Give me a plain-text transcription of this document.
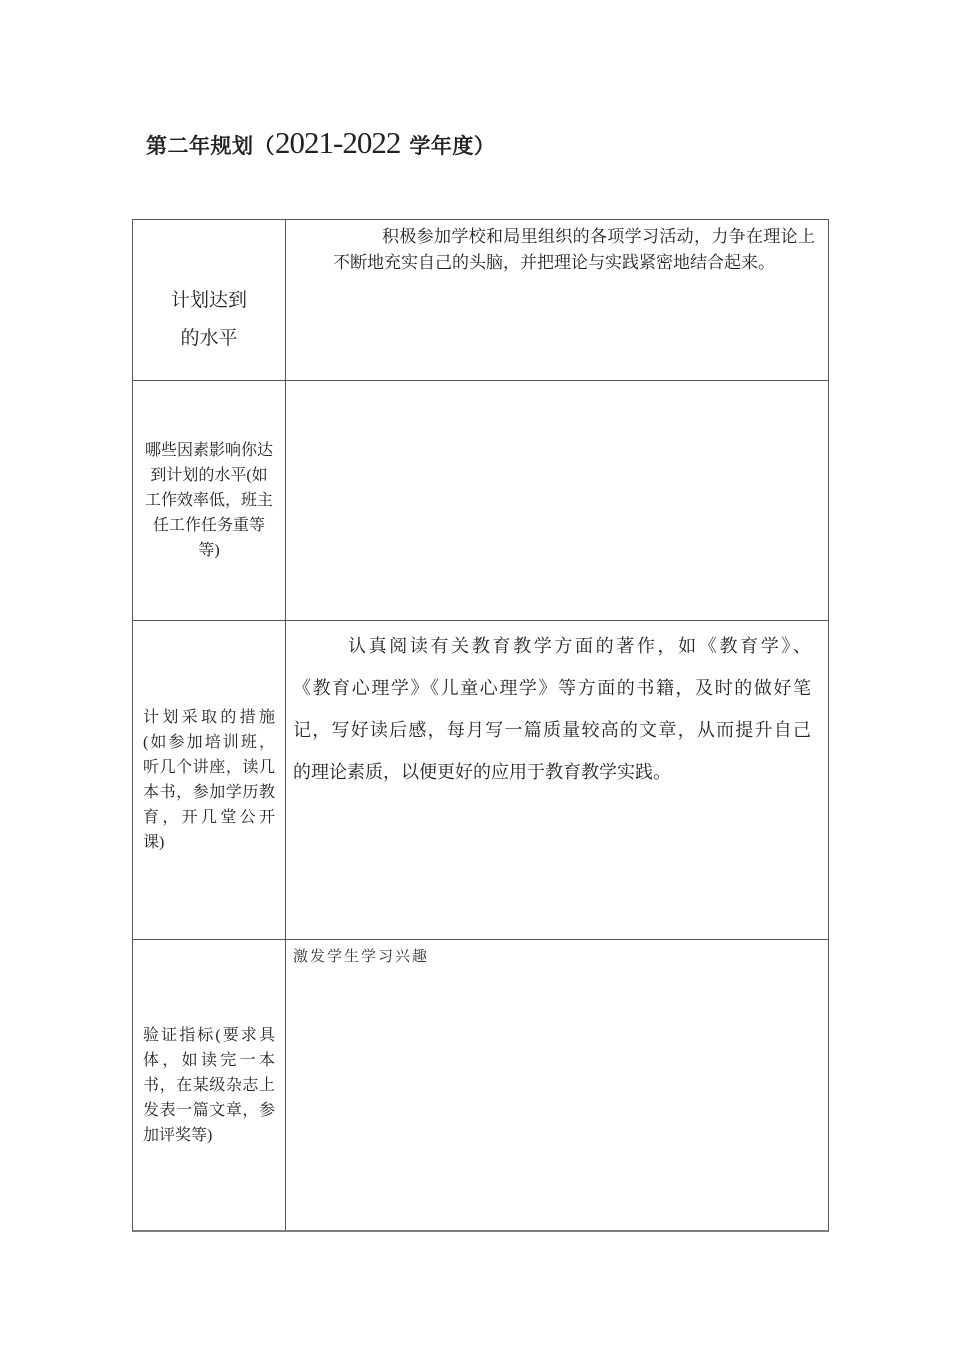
第二年规划（2021-2022 学年度）
计划达到
的水平
积极参加学校和局里组织的各项学习活动，力争在理论上
不断地充实自己的头脑，并把理论与实践紧密地结合起来。
哪些因素影响你达
到计划的水平(如
工作效率低，班主
任工作任务重等
等)
计划采取的措施
(如参加培训班，
听几个讲座，读几
本书，参加学历教
育，开几堂公开
课)
认真阅读有关教育教学方面的著作，如《教育学》、
《教育心理学》《儿童心理学》等方面的书籍，及时的做好笔
记，写好读后感，每月写一篇质量较高的文章，从而提升自己
的理论素质，以便更好的应用于教育教学实践。
验证指标(要求具
体，如读完一本
书，在某级杂志上
发表一篇文章，参
加评奖等)
激发学生学习兴趣
